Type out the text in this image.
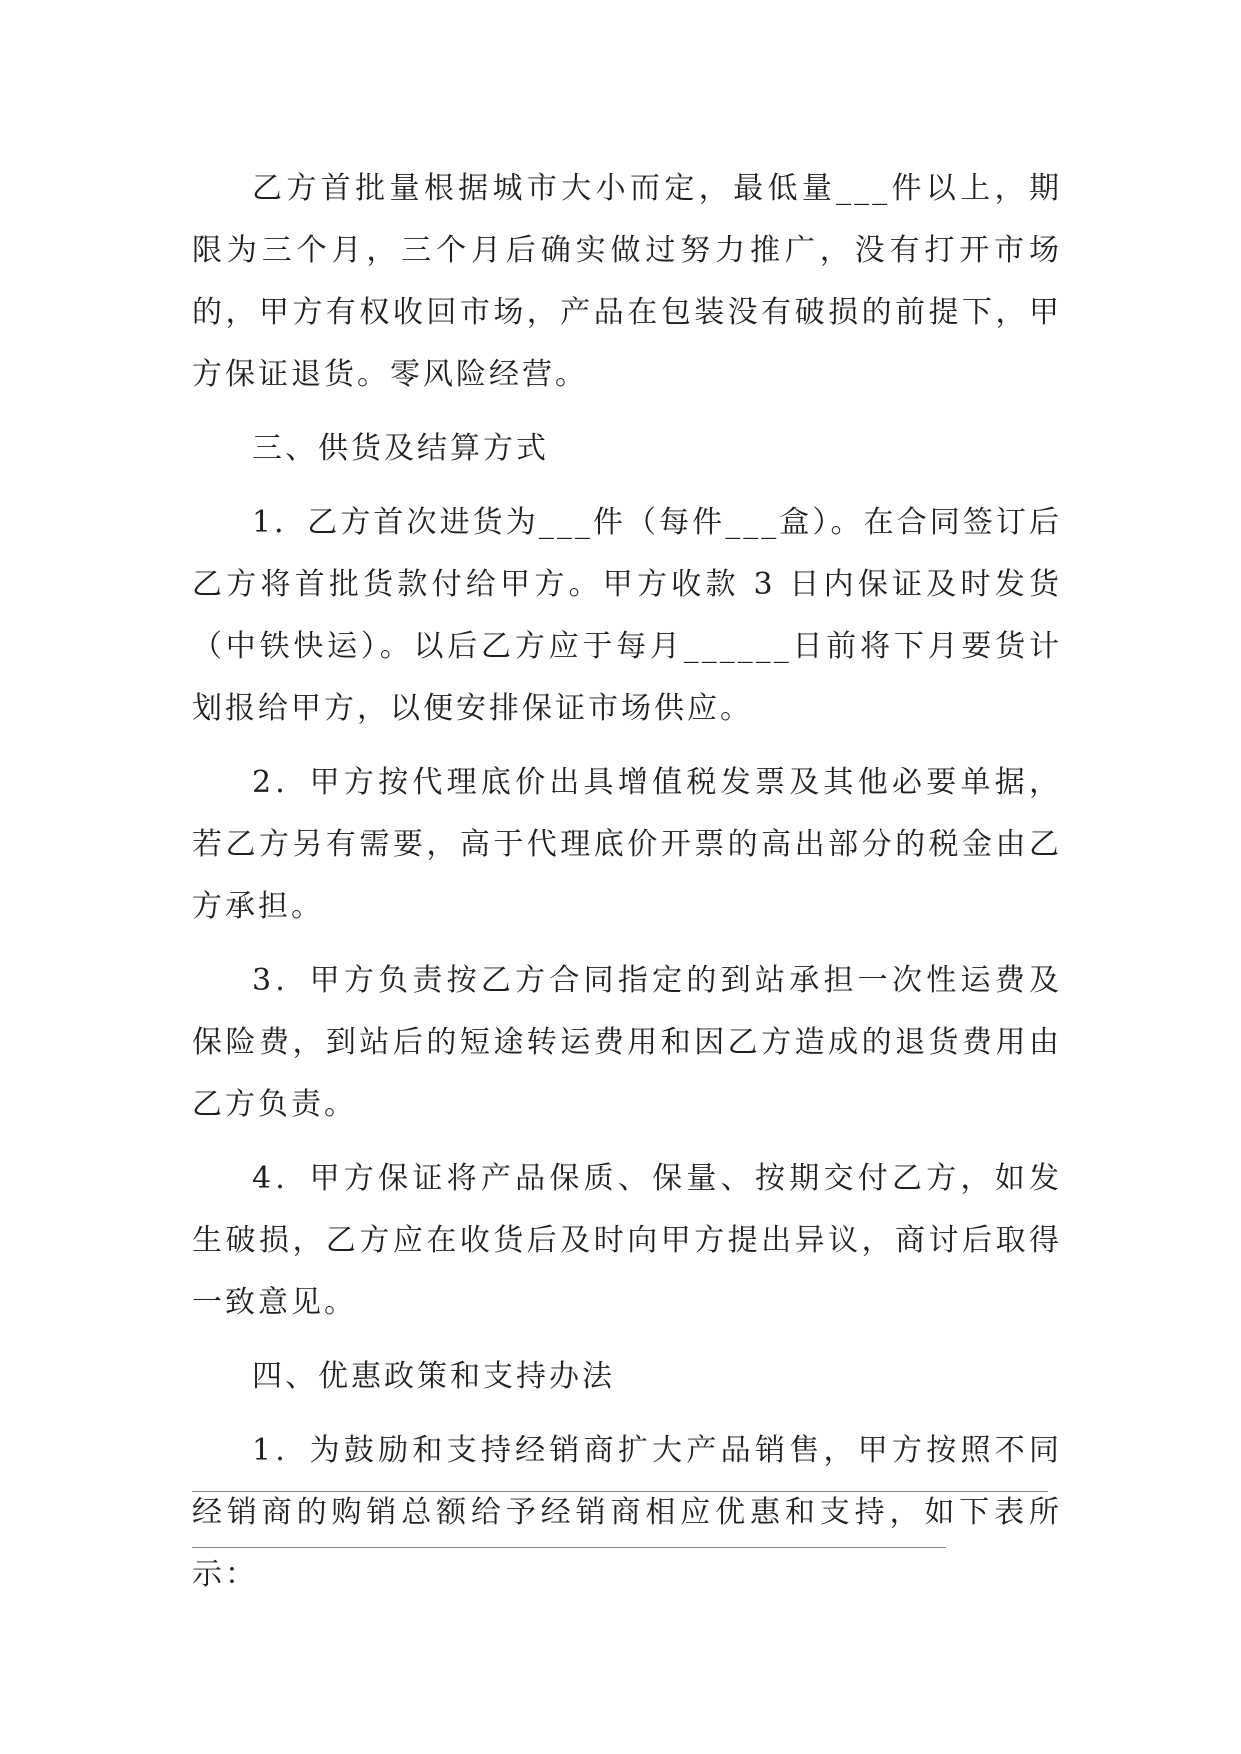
乙方首批量根据城市大小而定，最低量___件以上，期限为三个月，三个月后确实做过努力推广，没有打开市场的，甲方有权收回市场，产品在包装没有破损的前提下，甲方保证退货。零风险经营。

三、供货及结算方式

1．乙方首次进货为___件（每件___盒）。在合同签订后乙方将首批货款付给甲方。甲方收款 3 日内保证及时发货（中铁快运）。以后乙方应于每月______日前将下月要货计划报给甲方，以便安排保证市场供应。

2．甲方按代理底价出具增值税发票及其他必要单据，若乙方另有需要，高于代理底价开票的高出部分的税金由乙方承担。

3．甲方负责按乙方合同指定的到站承担一次性运费及保险费，到站后的短途转运费用和因乙方造成的退货费用由乙方负责。

4．甲方保证将产品保质、保量、按期交付乙方，如发生破损，乙方应在收货后及时向甲方提出异议，商讨后取得一致意见。

四、优惠政策和支持办法

1．为鼓励和支持经销商扩大产品销售，甲方按照不同经销商的购销总额给予经销商相应优惠和支持，如下表所示：
